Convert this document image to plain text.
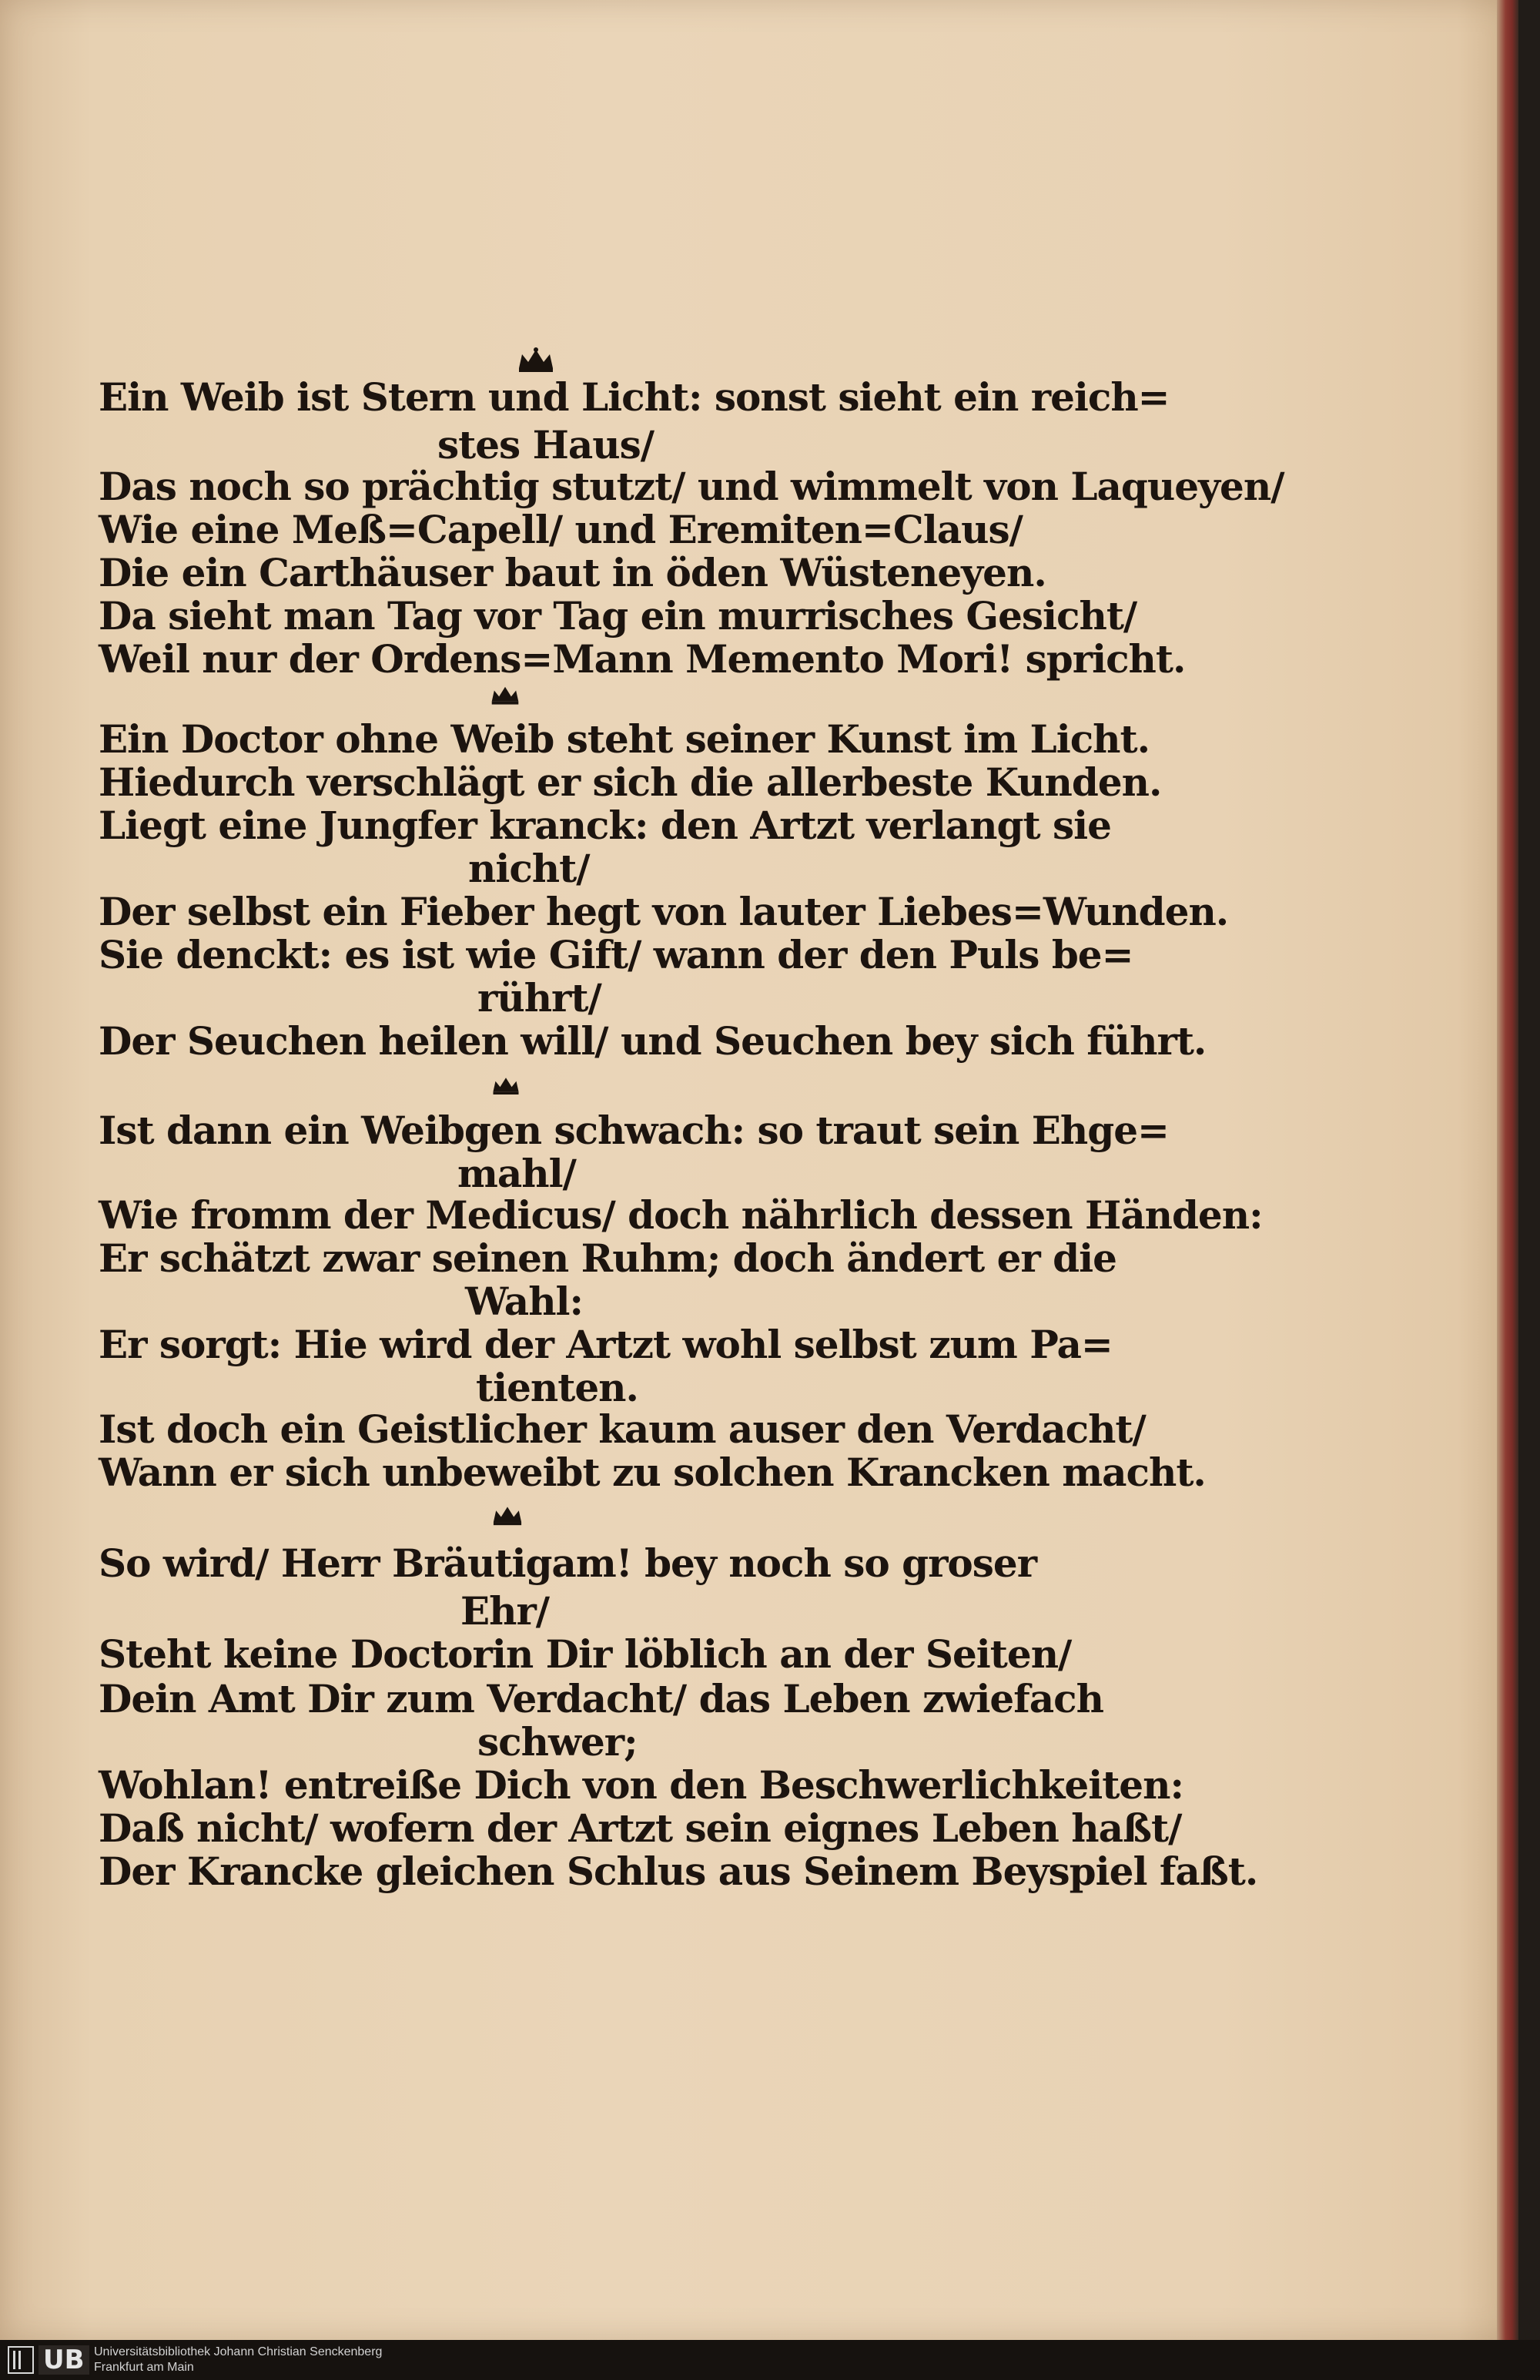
Ein Weib ist Stern und Licht: sonst sieht ein reich=
stes Haus/
Das noch so prächtig stutzt/ und wimmelt von Laqueyen/
Wie eine Meß=Capell/ und Eremiten=Claus/
Die ein Carthäuser baut in öden Wüsteneyen.
Da sieht man Tag vor Tag ein murrisches Gesicht/
Weil nur der Ordens=Mann Memento Mori! spricht.
Ein Doctor ohne Weib steht seiner Kunst im Licht.
Hiedurch verschlägt er sich die allerbeste Kunden.
Liegt eine Jungfer kranck: den Artzt verlangt sie
nicht/
Der selbst ein Fieber hegt von lauter Liebes=Wunden.
Sie denckt: es ist wie Gift/ wann der den Puls be=
rührt/
Der Seuchen heilen will/ und Seuchen bey sich führt.
Ist dann ein Weibgen schwach: so traut sein Ehge=
mahl/
Wie fromm der Medicus/ doch nährlich dessen Händen:
Er schätzt zwar seinen Ruhm; doch ändert er die
Wahl:
Er sorgt: Hie wird der Artzt wohl selbst zum Pa=
tienten.
Ist doch ein Geistlicher kaum auser den Verdacht/
Wann er sich unbeweibt zu solchen Krancken macht.
So wird/ Herr Bräutigam! bey noch so groser
Ehr/
Steht keine Doctorin Dir löblich an der Seiten/
Dein Amt Dir zum Verdacht/ das Leben zwiefach
schwer;
Wohlan! entreiße Dich von den Beschwerlichkeiten:
Daß nicht/ wofern der Artzt sein eignes Leben haßt/
Der Krancke gleichen Schlus aus Seinem Beyspiel faßt.
UB Universitätsbibliothek Johann Christian Senckenberg
Frankfurt am Main
